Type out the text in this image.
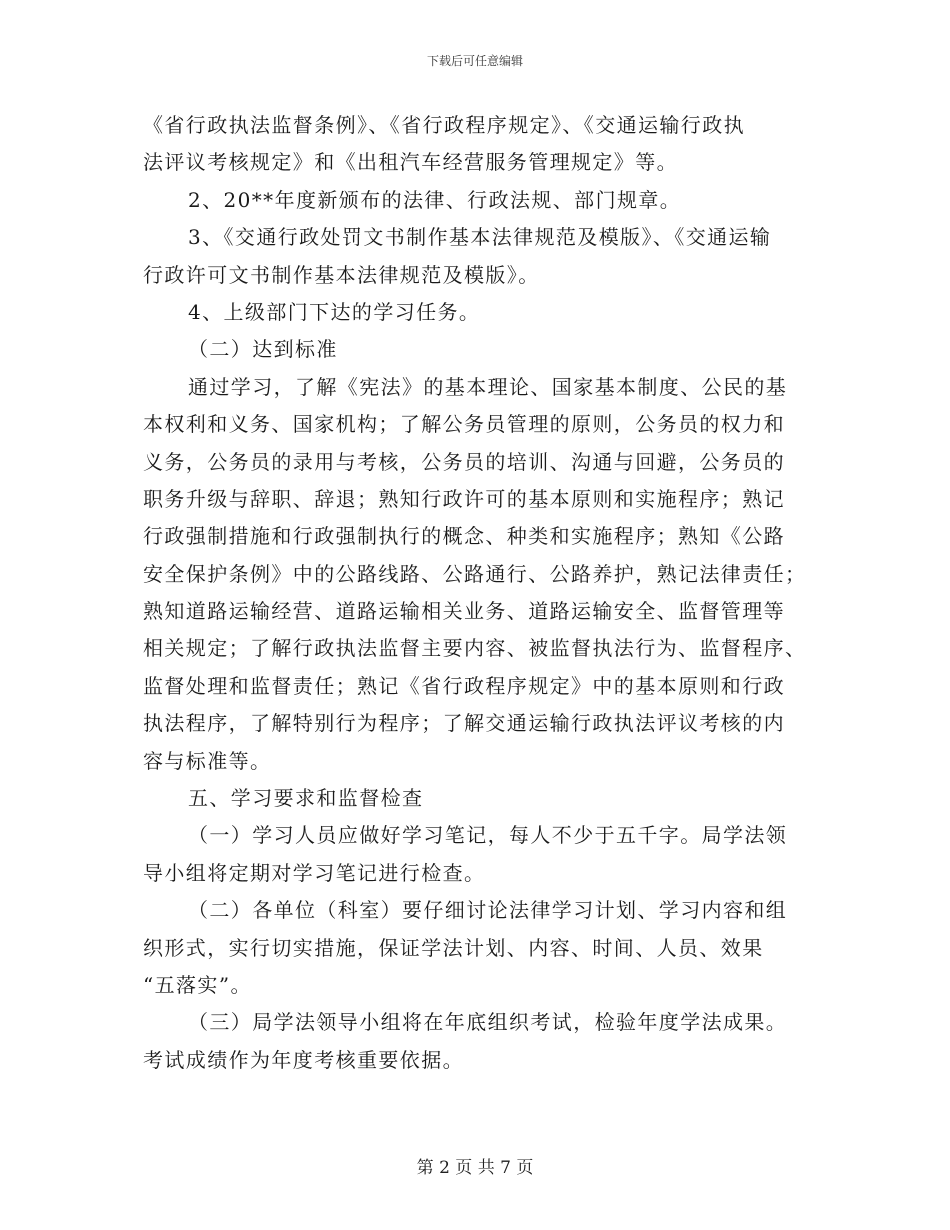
下载后可任意编辑
《省行政执法监督条例》、《省行政程序规定》、《交通运输行政执
法评议考核规定》和《出租汽车经营服务管理规定》等。
2、20**年度新颁布的法律、行政法规、部门规章。
3、《交通行政处罚文书制作基本法律规范及模版》、《交通运输
行政许可文书制作基本法律规范及模版》。
4、上级部门下达的学习任务。
（二）达到标准
通过学习，了解《宪法》的基本理论、国家基本制度、公民的基
本权利和义务、国家机构；了解公务员管理的原则，公务员的权力和
义务，公务员的录用与考核，公务员的培训、沟通与回避，公务员的
职务升级与辞职、辞退；熟知行政许可的基本原则和实施程序；熟记
行政强制措施和行政强制执行的概念、种类和实施程序；熟知《公路
安全保护条例》中的公路线路、公路通行、公路养护，熟记法律责任；
熟知道路运输经营、道路运输相关业务、道路运输安全、监督管理等
相关规定；了解行政执法监督主要内容、被监督执法行为、监督程序、
监督处理和监督责任；熟记《省行政程序规定》中的基本原则和行政
执法程序，了解特别行为程序；了解交通运输行政执法评议考核的内
容与标准等。
五、学习要求和监督检查
（一）学习人员应做好学习笔记，每人不少于五千字。局学法领
导小组将定期对学习笔记进行检查。
（二）各单位（科室）要仔细讨论法律学习计划、学习内容和组
织形式，实行切实措施，保证学法计划、内容、时间、人员、效果
“五落实”。
（三）局学法领导小组将在年底组织考试，检验年度学法成果。
考试成绩作为年度考核重要依据。
第 2 页 共 7 页
